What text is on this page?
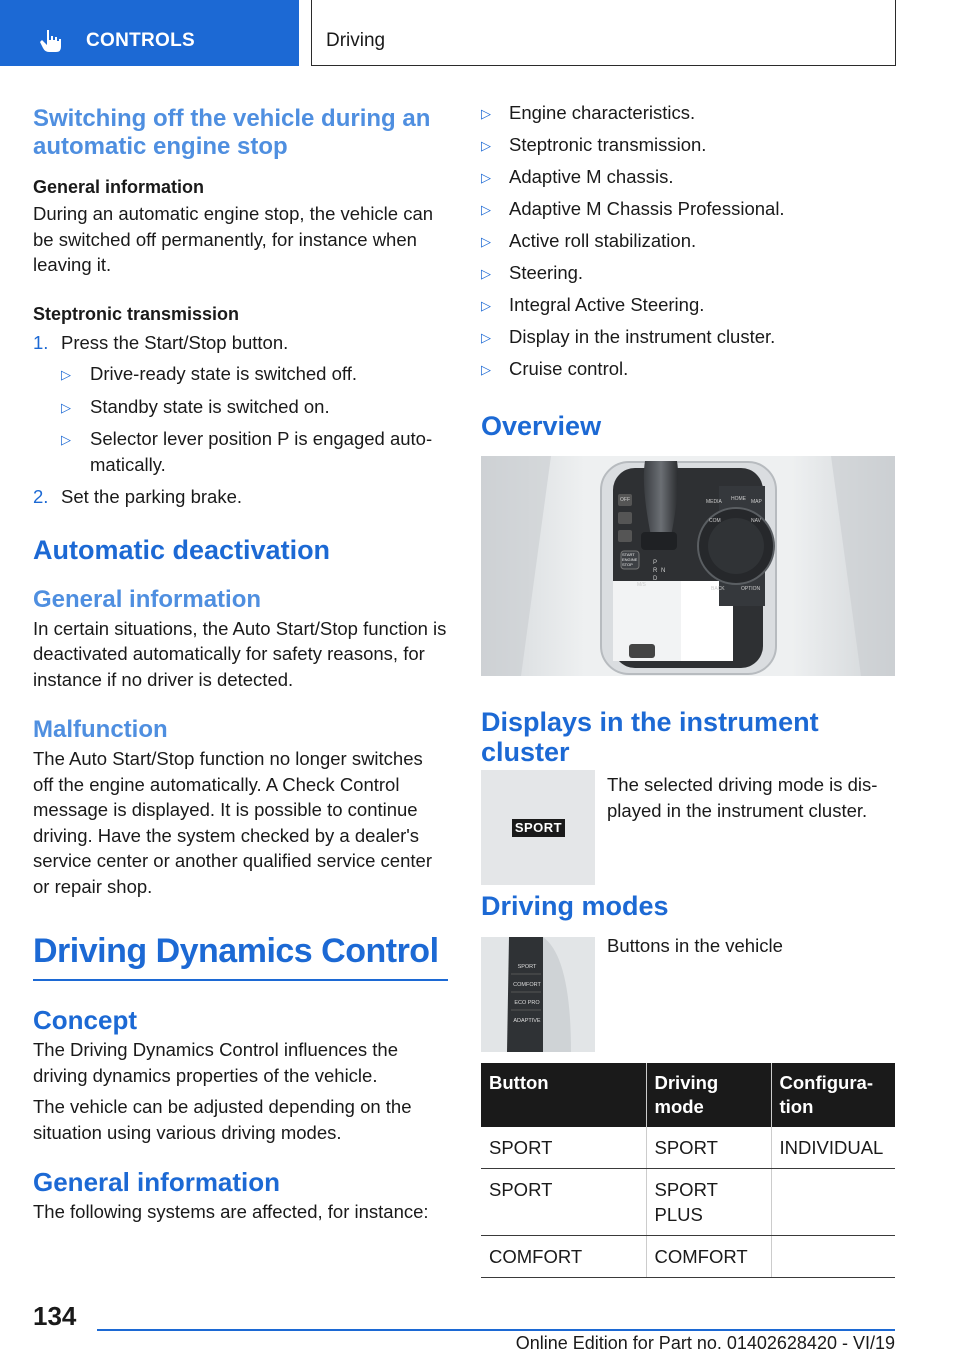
CONTROLS	Driving
Switching off the vehicle during an automatic engine stop
General information

During an automatic engine stop, the vehicle can be switched off permanently, for instance when leaving it.

Steptronic transmission
1. Press the Start/Stop button.
▷ Drive-ready state is switched off.
▷ Standby state is switched on.
▷ Selector lever position P is engaged auto-matically.
2. Set the parking brake.
Automatic deactivation
General information

In certain situations, the Auto Start/Stop function is deactivated automatically for safety reasons, for instance if no driver is detected.

Malfunction

The Auto Start/Stop function no longer switches off the engine automatically. A Check Control message is displayed. It is possible to continue driving. Have the system checked by a dealer's service center or another qualified service center or repair shop.

Driving Dynamics Control
Concept

The Driving Dynamics Control influences the driving dynamics properties of the vehicle.

The vehicle can be adjusted depending on the situation using various driving modes.

General information

The following systems are affected, for instance:

▷ Engine characteristics.
▷ Steptronic transmission.
▷ Adaptive M chassis.
▷ Adaptive M Chassis Professional.
▷ Active roll stabilization.
▷ Steering.
▷ Integral Active Steering.
▷ Display in the instrument cluster.
▷ Cruise control.
Overview
OFF	MEDIA HOME MAP
COM	NAV
BACK	OPTION
START
ENGINE
STOP	P
R N
D
M/S
Displays in the instrument cluster
SPORT

The selected driving mode is dis-played in the instrument cluster.

Driving modes
SPORT
COMFORT
ECO PRO
ADAPTIVE

Buttons in the vehicle

Button	Driving mode	Configura-tion
SPORT	SPORT	INDIVIDUAL
SPORT	SPORT PLUS	
COMFORT	COMFORT	
134
Online Edition for Part no. 01402628420 - VI/19
